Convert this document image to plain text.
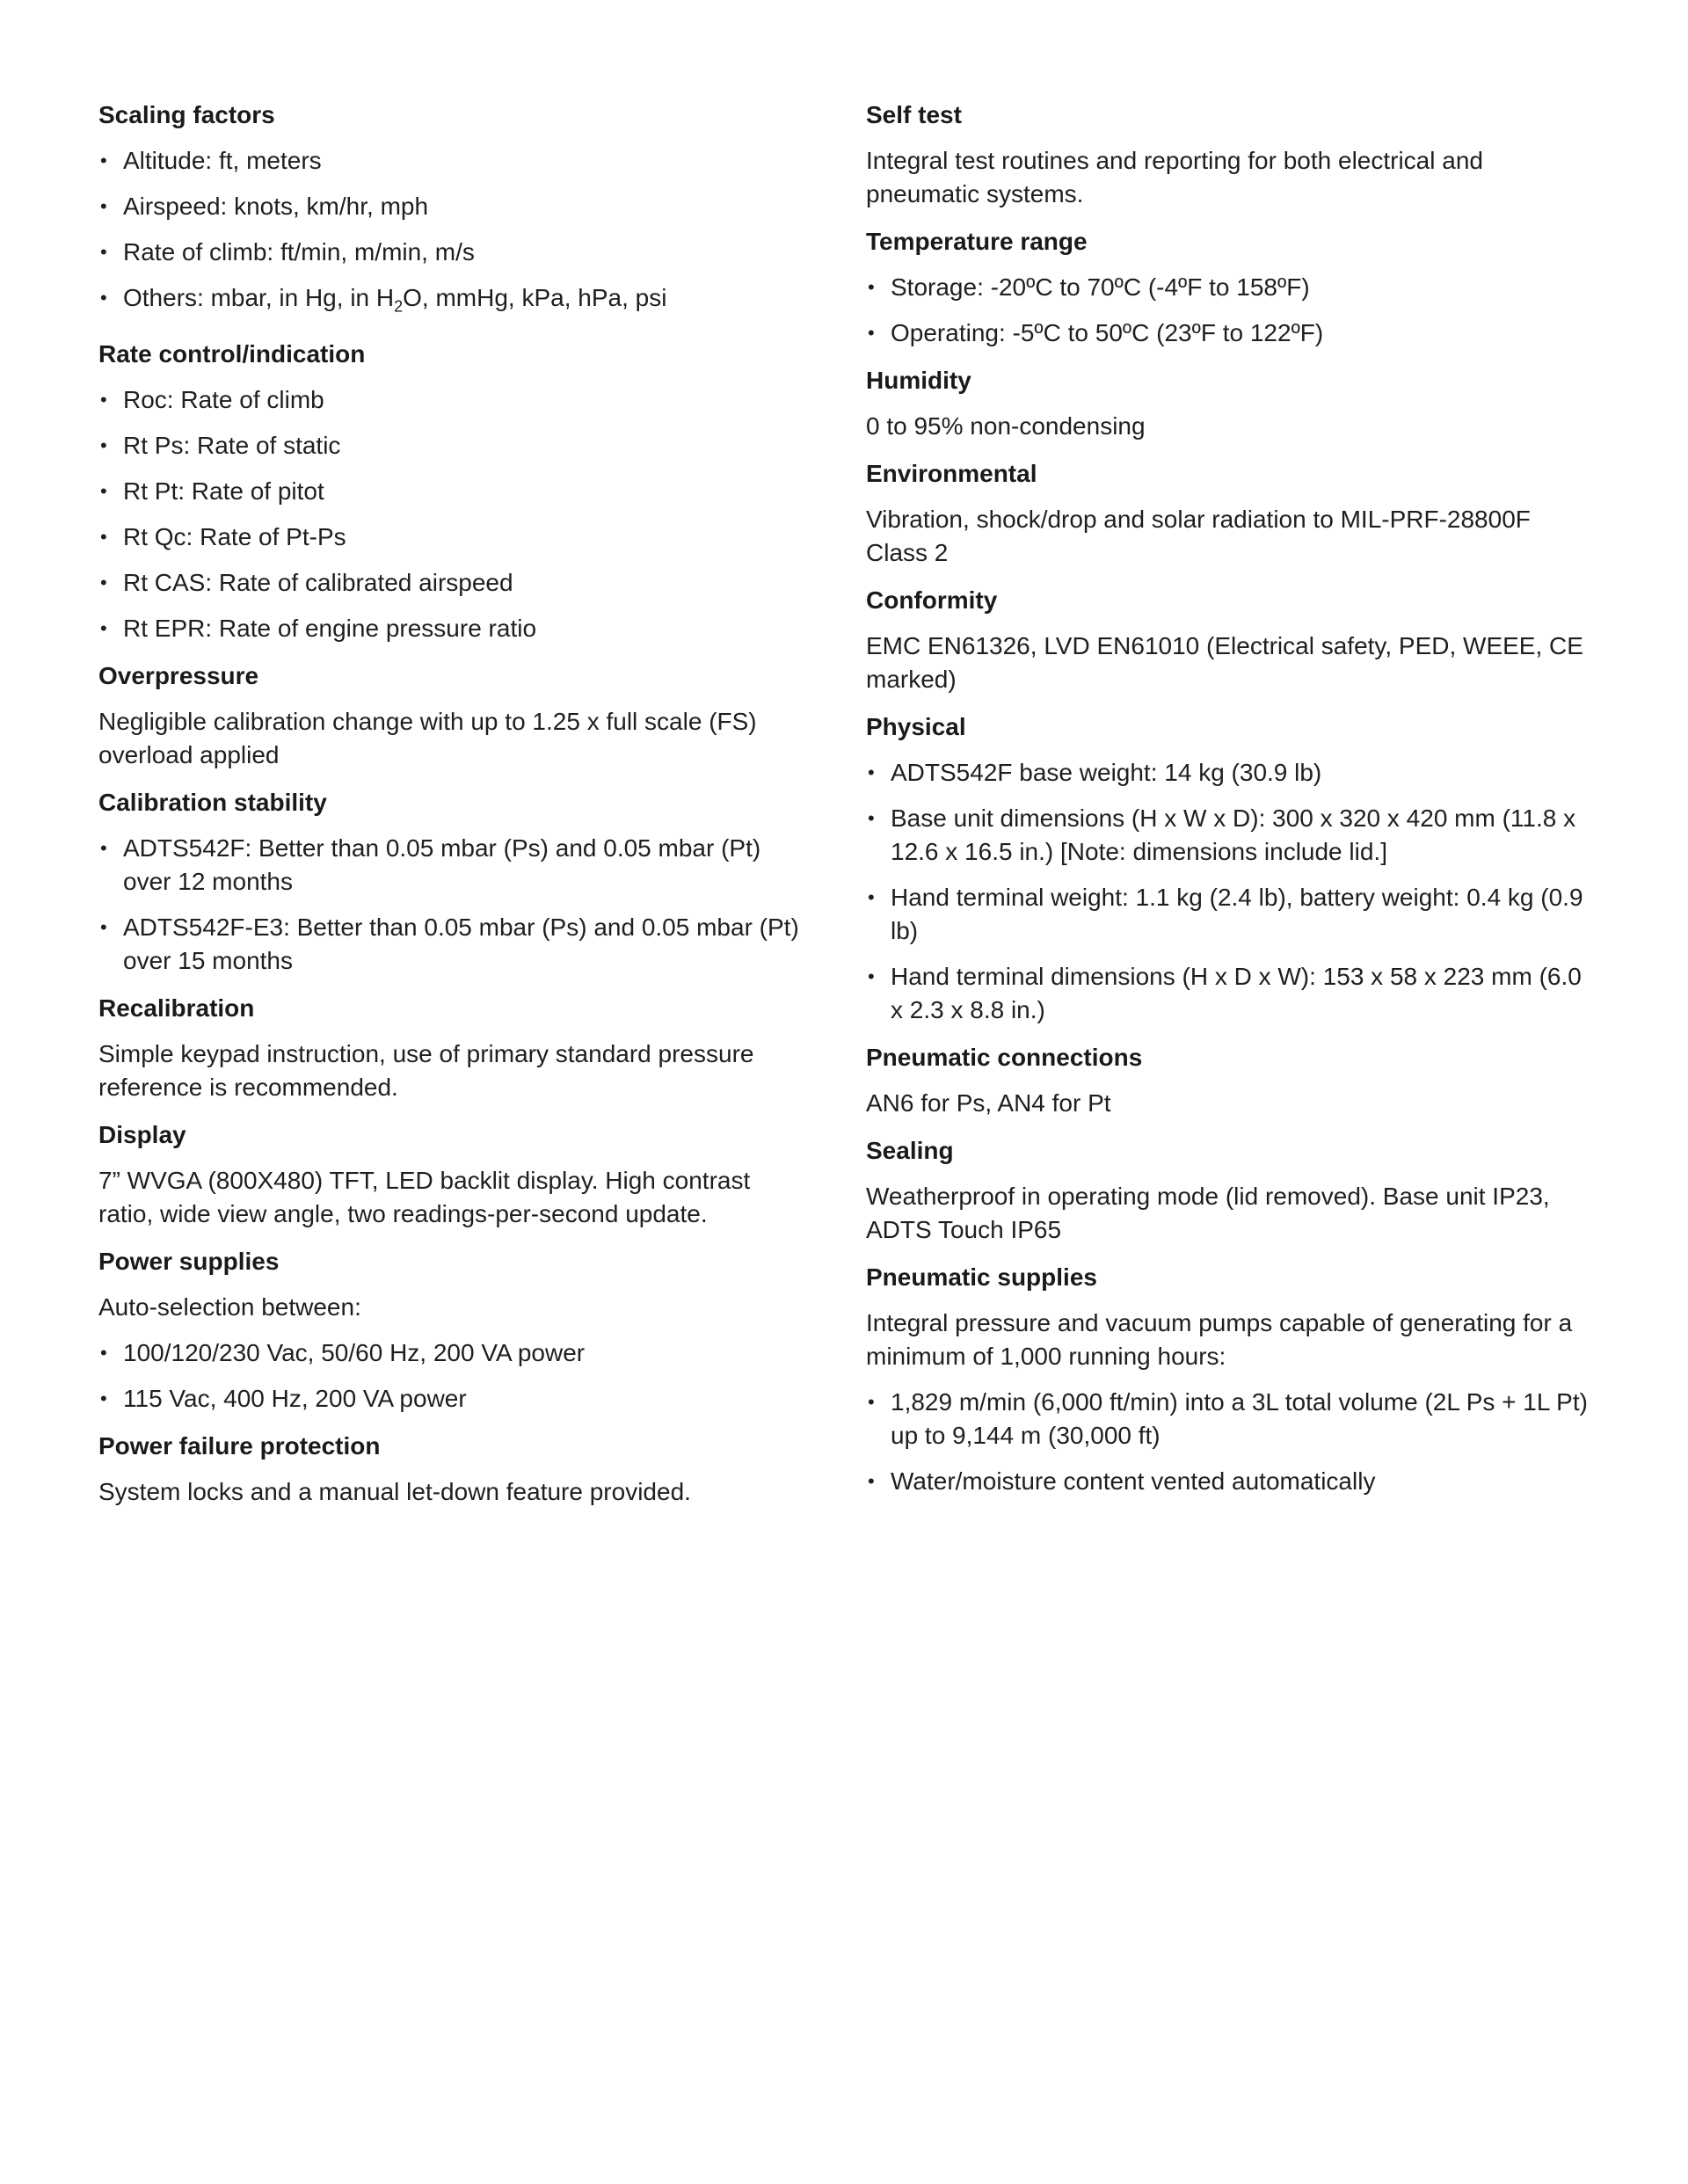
Scaling factors
• Altitude: ft, meters
• Airspeed: knots, km/hr, mph
• Rate of climb: ft/min, m/min, m/s
• Others: mbar, in Hg, in $H_2O$, mmHg, kPa, hPa, psi
Rate control/indication
• Roc: Rate of climb
• Rt Ps: Rate of static
• Rt Pt: Rate of pitot
• Rt Qc: Rate of Pt-Ps
• Rt CAS: Rate of calibrated airspeed
• Rt EPR: Rate of engine pressure ratio
Overpressure

Negligible calibration change with up to 1.25 x full scale (FS) overload applied

Calibration stability
• ADTS542F: Better than 0.05 mbar (Ps) and 0.05 mbar (Pt) over 12 months
• ADTS542F-E3: Better than 0.05 mbar (Ps) and 0.05 mbar (Pt) over 15 months
Recalibration

Simple keypad instruction, use of primary standard pressure reference is recommended.

Display

7” WVGA (800X480) TFT, LED backlit display. High contrast ratio, wide view angle, two readings-per-second update.

Power supplies

Auto-selection between:

• 100/120/230 Vac, 50/60 Hz, 200 VA power
• 115 Vac, 400 Hz, 200 VA power
Power failure protection

System locks and a manual let-down feature provided.

Self test

Integral test routines and reporting for both electrical and pneumatic systems.

Temperature range
• Storage: -20ºC to 70ºC (-4ºF to 158ºF)
• Operating: -5ºC to 50ºC (23ºF to 122ºF)
Humidity

0 to 95% non-condensing

Environmental

Vibration, shock/drop and solar radiation to MIL-PRF-28800F Class 2

Conformity

EMC EN61326, LVD EN61010 (Electrical safety, PED, WEEE, CE marked)

Physical
• ADTS542F base weight: 14 kg (30.9 lb)
• Base unit dimensions (H x W x D): 300 x 320 x 420 mm (11.8 x 12.6 x 16.5 in.) [Note: dimensions include lid.]
• Hand terminal weight: 1.1 kg (2.4 lb), battery weight: 0.4 kg (0.9 lb)
• Hand terminal dimensions (H x D x W): 153 x 58 x 223 mm (6.0 x 2.3 x 8.8 in.)
Pneumatic connections

AN6 for Ps, AN4 for Pt

Sealing

Weatherproof in operating mode (lid removed). Base unit IP23, ADTS Touch IP65

Pneumatic supplies

Integral pressure and vacuum pumps capable of generating for a minimum of 1,000 running hours:

• 1,829 m/min (6,000 ft/min) into a 3L total volume (2L Ps + 1L Pt) up to 9,144 m (30,000 ft)
• Water/moisture content vented automatically
